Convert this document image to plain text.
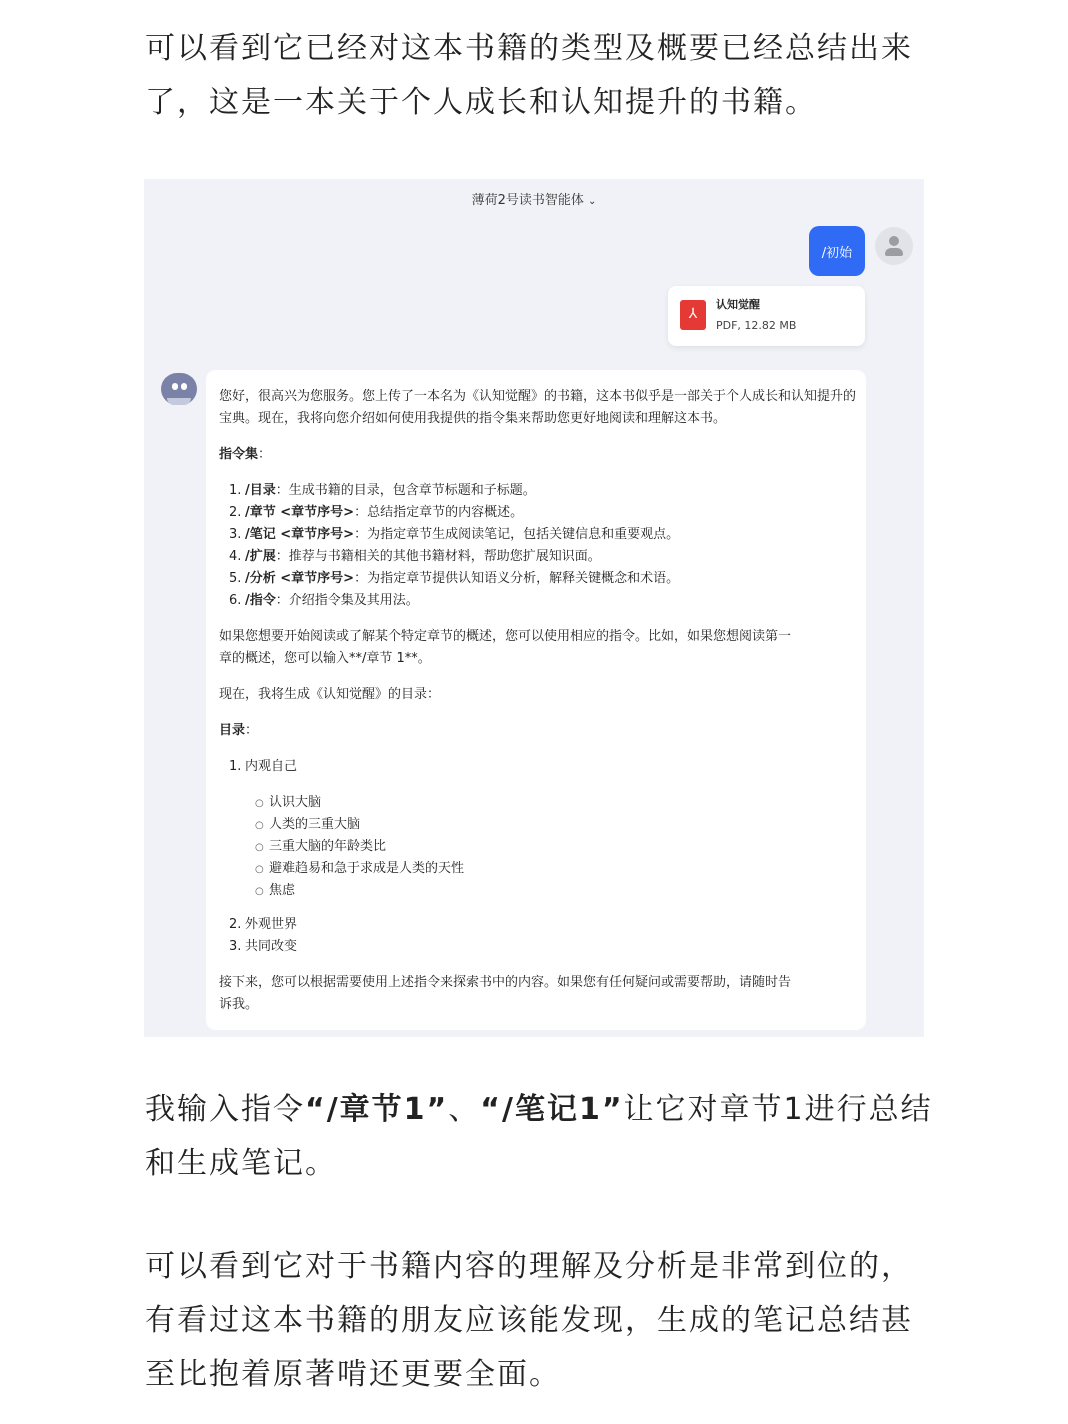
可以看到它已经对这本书籍的类型及概要已经总结出来了，这是一本关于个人成长和认知提升的书籍。

薄荷2号读书智能体 ⌄
/初始
⅄
认知觉醒
PDF, 12.82 MB

您好，很高兴为您服务。您上传了一本名为《认知觉醒》的书籍，这本书似乎是一部关于个人成长和认知提升的宝典。现在，我将向您介绍如何使用我提供的指令集来帮助您更好地阅读和理解这本书。

指令集：

1. /目录：生成书籍的目录，包含章节标题和子标题。

2. /章节 <章节序号>：总结指定章节的内容概述。

3. /笔记 <章节序号>：为指定章节生成阅读笔记，包括关键信息和重要观点。

4. /扩展：推荐与书籍相关的其他书籍材料，帮助您扩展知识面。

5. /分析 <章节序号>：为指定章节提供认知语义分析，解释关键概念和术语。

6. /指令：介绍指令集及其用法。

如果您想要开始阅读或了解某个特定章节的概述，您可以使用相应的指令。比如，如果您想阅读第一

章的概述，您可以输入**/章节 1**。

现在，我将生成《认知觉醒》的目录：

目录：

1. 内观自己

○ 认识大脑

○ 人类的三重大脑

○ 三重大脑的年龄类比

○ 避难趋易和急于求成是人类的天性

○ 焦虑

2. 外观世界

3. 共同改变

接下来，您可以根据需要使用上述指令来探索书中的内容。如果您有任何疑问或需要帮助，请随时告

诉我。

我输入指令“/章节1”、“/笔记1”让它对章节1进行总结和生成笔记。

可以看到它对于书籍内容的理解及分析是非常到位的，有看过这本书籍的朋友应该能发现，生成的笔记总结甚至比抱着原著啃还更要全面。
